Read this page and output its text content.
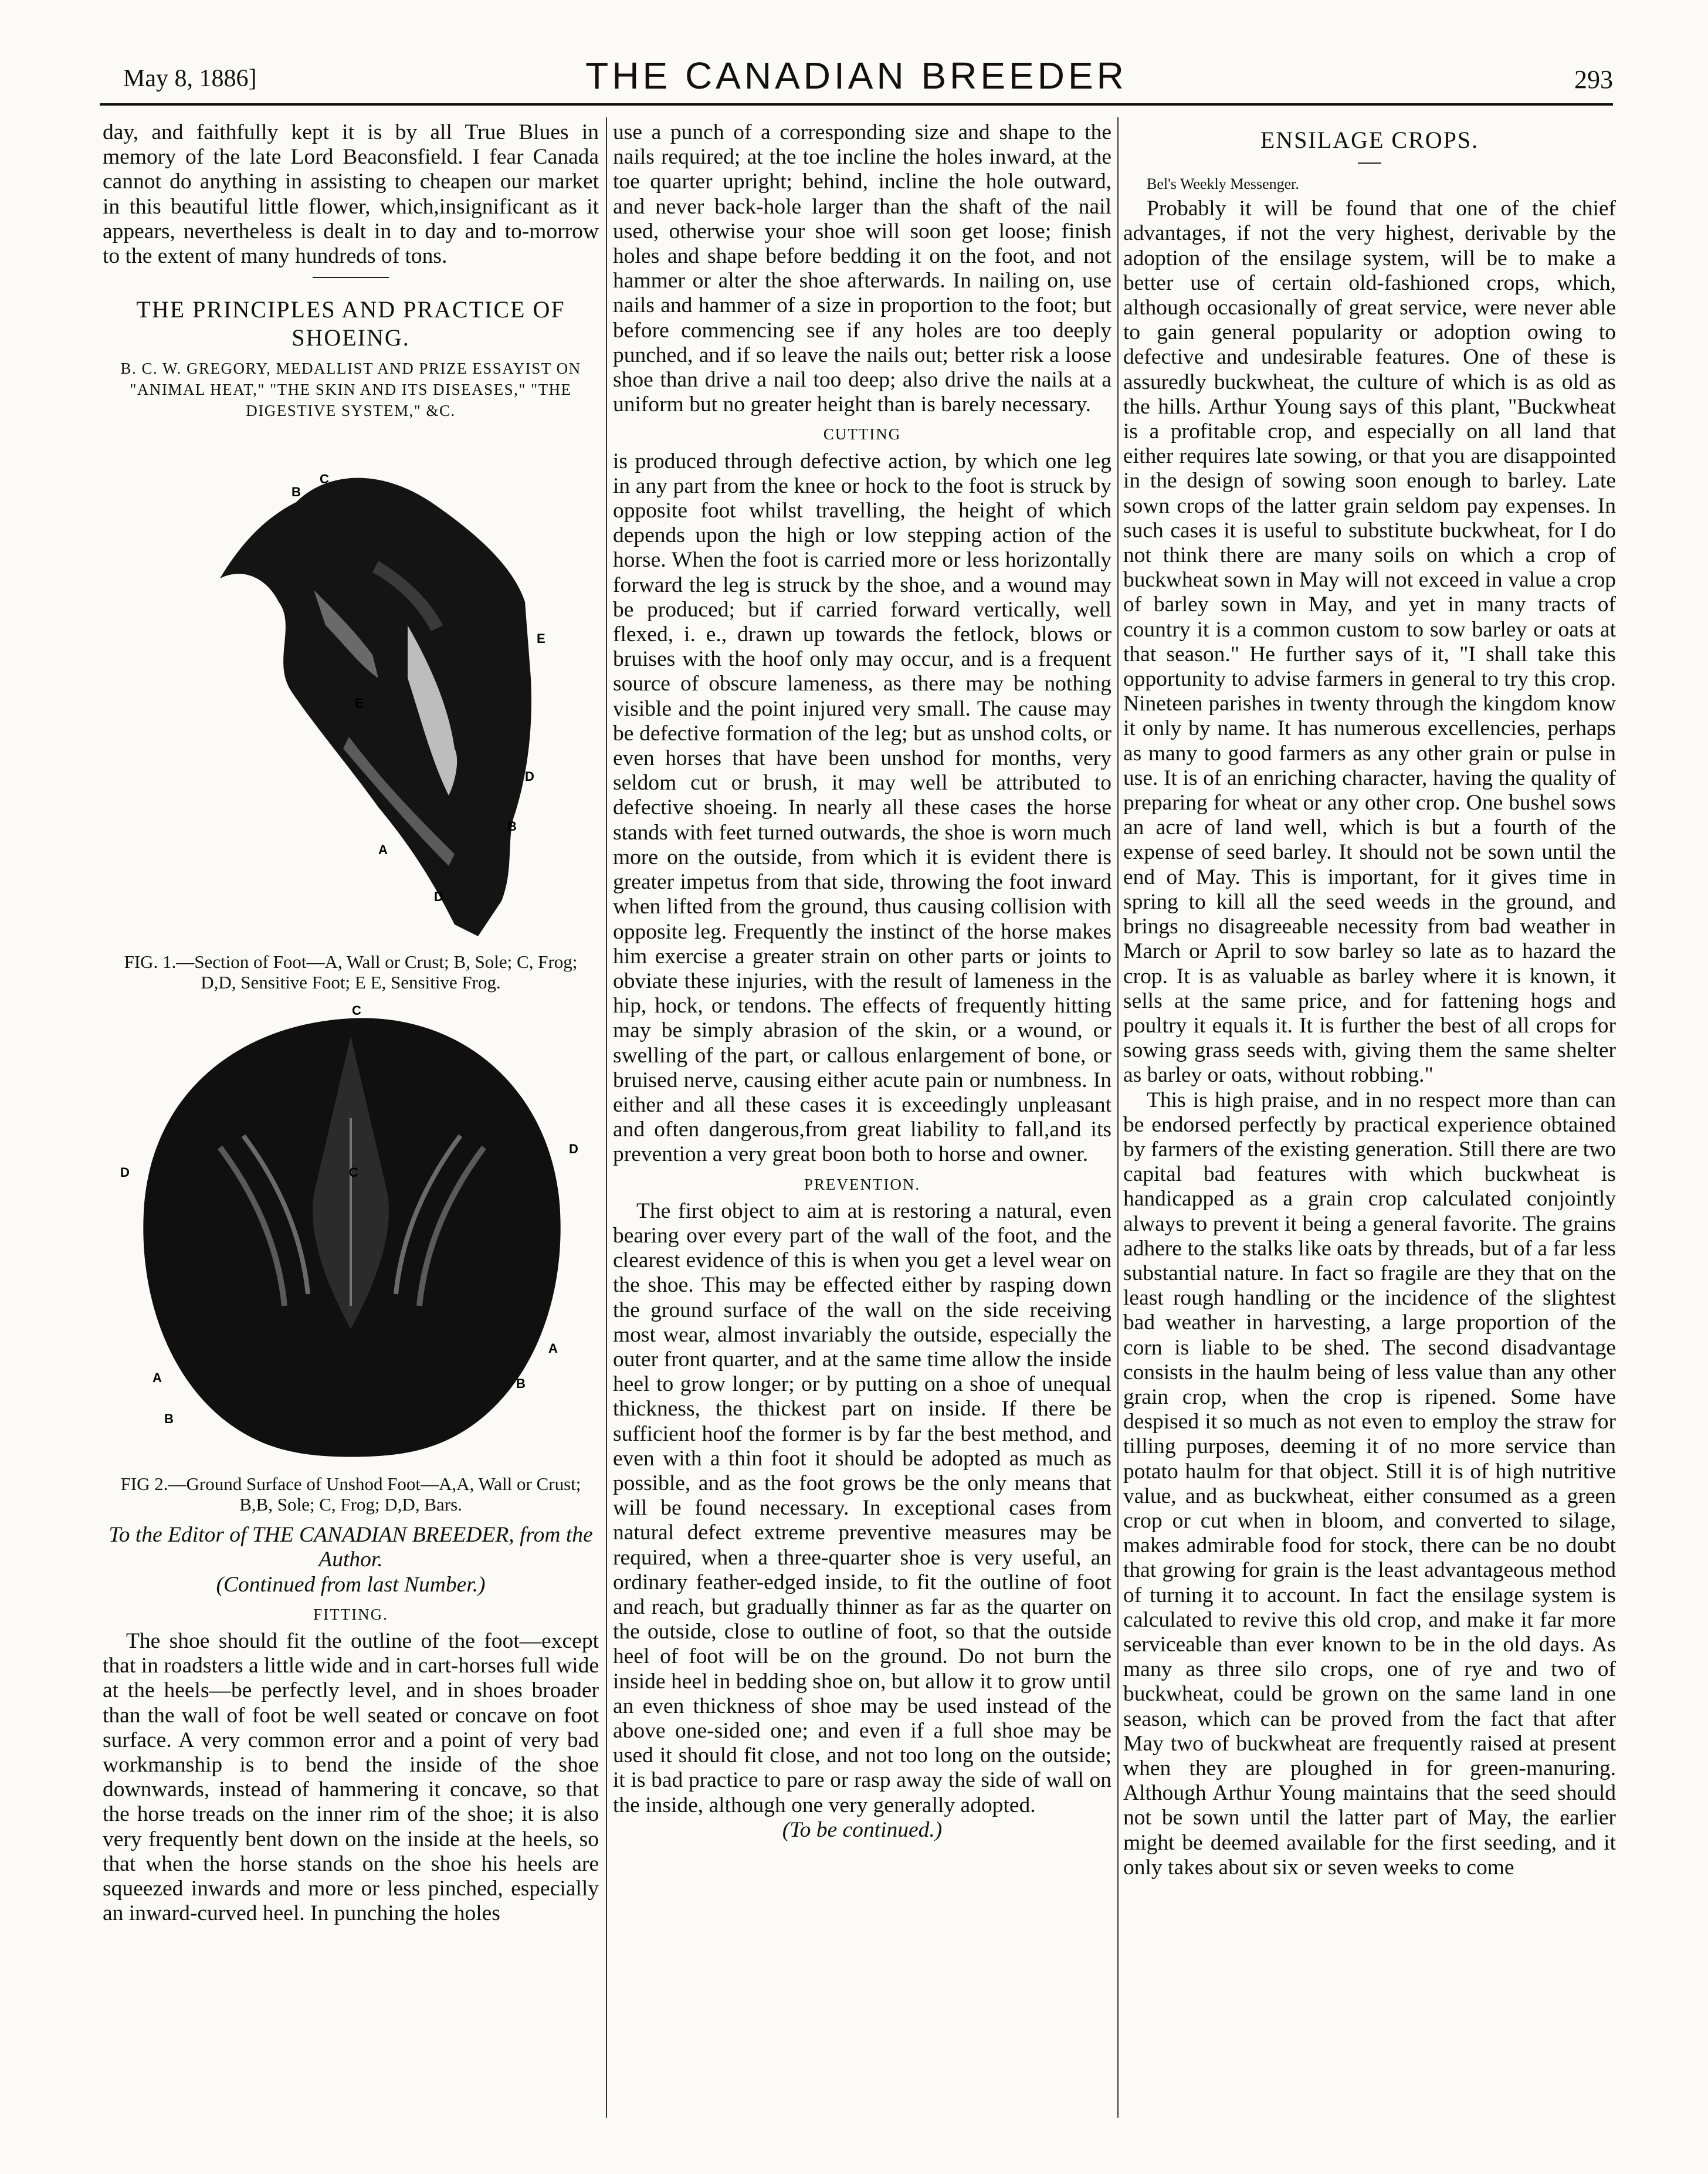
May 8, 1886]	THE CANADIAN BREEDER	293

day, and faithfully kept it is by all True Blues in memory of the late Lord Beaconsfield. I fear Canada cannot do anything in assisting to cheapen our market in this beautiful little flower, which,insignificant as it appears, nevertheless is dealt in to day and to-morrow to the extent of many hundreds of tons.

THE PRINCIPLES AND PRACTICE OF SHOEING.
B. C. W. GREGORY, MEDALLIST AND PRIZE ESSAYIST ON "ANIMAL HEAT," "THE SKIN AND ITS DISEASES," "THE DIGESTIVE SYSTEM," &C.
B
C
E
D
A
B
D
E
FIG. 1.—Section of Foot—A, Wall or Crust; B, Sole; C, Frog; D,D, Sensitive Foot; E E, Sensitive Frog.
C
D
D
A
A	B
B
C
FIG 2.—Ground Surface of Unshod Foot—A,A, Wall or Crust; B,B, Sole; C, Frog; D,D, Bars.

To the Editor of THE CANADIAN BREEDER, from the Author.

(Continued from last Number.)

FITTING.

The shoe should fit the outline of the foot—except that in roadsters a little wide and in cart-horses full wide at the heels—be perfectly level, and in shoes broader than the wall of foot be well seated or concave on foot surface. A very common error and a point of very bad workmanship is to bend the inside of the shoe downwards, instead of hammering it concave, so that the horse treads on the inner rim of the shoe; it is also very frequently bent down on the inside at the heels, so that when the horse stands on the shoe his heels are squeezed inwards and more or less pinched, especially an inward-curved heel. In punching the holes

use a punch of a corresponding size and shape to the nails required; at the toe incline the holes inward, at the toe quarter upright; behind, incline the hole outward, and never back-hole larger than the shaft of the nail used, otherwise your shoe will soon get loose; finish holes and shape before bedding it on the foot, and not hammer or alter the shoe afterwards. In nailing on, use nails and hammer of a size in proportion to the foot; but before commencing see if any holes are too deeply punched, and if so leave the nails out; better risk a loose shoe than drive a nail too deep; also drive the nails at a uniform but no greater height than is barely necessary.

CUTTING

is produced through defective action, by which one leg in any part from the knee or hock to the foot is struck by opposite foot whilst travelling, the height of which depends upon the high or low stepping action of the horse. When the foot is carried more or less horizontally forward the leg is struck by the shoe, and a wound may be produced; but if carried forward vertically, well flexed, i. e., drawn up towards the fetlock, blows or bruises with the hoof only may occur, and is a frequent source of obscure lameness, as there may be nothing visible and the point injured very small. The cause may be defective formation of the leg; but as unshod colts, or even horses that have been unshod for months, very seldom cut or brush, it may well be attributed to defective shoeing. In nearly all these cases the horse stands with feet turned outwards, the shoe is worn much more on the outside, from which it is evident there is greater impetus from that side, throwing the foot inward when lifted from the ground, thus causing collision with opposite leg. Frequently the instinct of the horse makes him exercise a greater strain on other parts or joints to obviate these injuries, with the result of lameness in the hip, hock, or tendons. The effects of frequently hitting may be simply abrasion of the skin, or a wound, or swelling of the part, or callous enlargement of bone, or bruised nerve, causing either acute pain or numbness. In either and all these cases it is exceedingly unpleasant and often dangerous,from great liability to fall,and its prevention a very great boon both to horse and owner.

PREVENTION.

The first object to aim at is restoring a natural, even bearing over every part of the wall of the foot, and the clearest evidence of this is when you get a level wear on the shoe. This may be effected either by rasping down the ground surface of the wall on the side receiving most wear, almost invariably the outside, especially the outer front quarter, and at the same time allow the inside heel to grow longer; or by putting on a shoe of unequal thickness, the thickest part on inside. If there be sufficient hoof the former is by far the best method, and even with a thin foot it should be adopted as much as possible, and as the foot grows be the only means that will be found necessary. In exceptional cases from natural defect extreme preventive measures may be required, when a three-quarter shoe is very useful, an ordinary feather-edged inside, to fit the outline of foot and reach, but gradually thinner as far as the quarter on the outside, close to outline of foot, so that the outside heel of foot will be on the ground. Do not burn the inside heel in bedding shoe on, but allow it to grow until an even thickness of shoe may be used instead of the above one-sided one; and even if a full shoe may be used it should fit close, and not too long on the outside; it is bad practice to pare or rasp away the side of wall on the inside, although one very generally adopted.

(To be continued.)

ENSILAGE CROPS.

Bel's Weekly Messenger.

Probably it will be found that one of the chief advantages, if not the very highest, derivable by the adoption of the ensilage system, will be to make a better use of certain old-fashioned crops, which, although occasionally of great service, were never able to gain general popularity or adoption owing to defective and undesirable features. One of these is assuredly buckwheat, the culture of which is as old as the hills. Arthur Young says of this plant, "Buckwheat is a profitable crop, and especially on all land that either requires late sowing, or that you are disappointed in the design of sowing soon enough to barley. Late sown crops of the latter grain seldom pay expenses. In such cases it is useful to substitute buckwheat, for I do not think there are many soils on which a crop of buckwheat sown in May will not exceed in value a crop of barley sown in May, and yet in many tracts of country it is a common custom to sow barley or oats at that season." He further says of it, "I shall take this opportunity to advise farmers in general to try this crop. Nineteen parishes in twenty through the kingdom know it only by name. It has numerous excellencies, perhaps as many to good farmers as any other grain or pulse in use. It is of an enriching character, having the quality of preparing for wheat or any other crop. One bushel sows an acre of land well, which is but a fourth of the expense of seed barley. It should not be sown until the end of May. This is important, for it gives time in spring to kill all the seed weeds in the ground, and brings no disagreeable necessity from bad weather in March or April to sow barley so late as to hazard the crop. It is as valuable as barley where it is known, it sells at the same price, and for fattening hogs and poultry it equals it. It is further the best of all crops for sowing grass seeds with, giving them the same shelter as barley or oats, without robbing."

This is high praise, and in no respect more than can be endorsed perfectly by practical experience obtained by farmers of the existing generation. Still there are two capital bad features with which buckwheat is handicapped as a grain crop calculated conjointly always to prevent it being a general favorite. The grains adhere to the stalks like oats by threads, but of a far less substantial nature. In fact so fragile are they that on the least rough handling or the incidence of the slightest bad weather in harvesting, a large proportion of the corn is liable to be shed. The second disadvantage consists in the haulm being of less value than any other grain crop, when the crop is ripened. Some have despised it so much as not even to employ the straw for tilling purposes, deeming it of no more service than potato haulm for that object. Still it is of high nutritive value, and as buckwheat, either consumed as a green crop or cut when in bloom, and converted to silage, makes admirable food for stock, there can be no doubt that growing for grain is the least advantageous method of turning it to account. In fact the ensilage system is calculated to revive this old crop, and make it far more serviceable than ever known to be in the old days. As many as three silo crops, one of rye and two of buckwheat, could be grown on the same land in one season, which can be proved from the fact that after May two of buckwheat are frequently raised at present when they are ploughed in for green-manuring. Although Arthur Young maintains that the seed should not be sown until the latter part of May, the earlier might be deemed available for the first seeding, and it only takes about six or seven weeks to come
